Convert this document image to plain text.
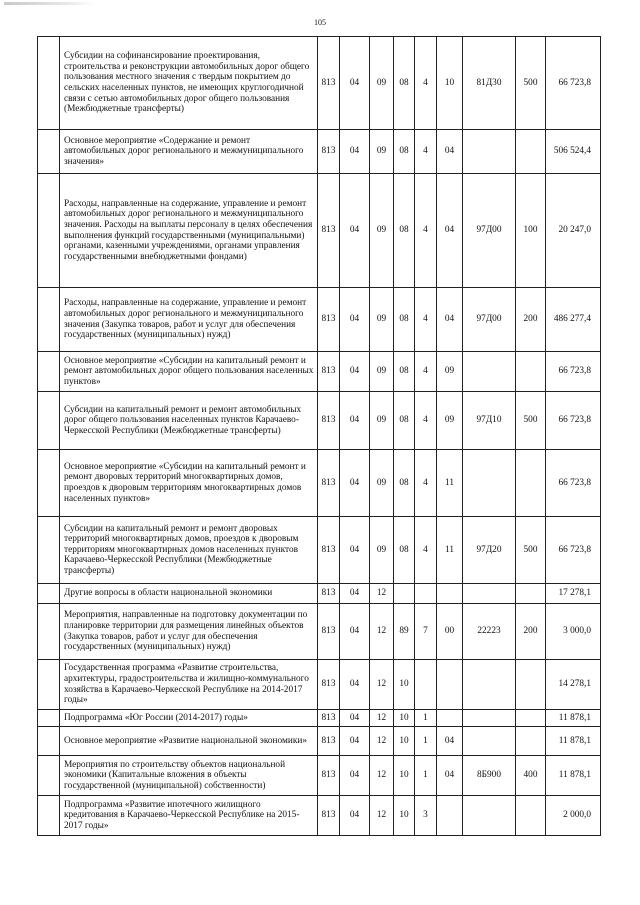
105
	Субсидии на софинансирование проектирования, строительства и реконструкции автомобильных дорог общего пользования местного значения с твердым покрытием до сельских населенных пунктов, не имеющих круглогодичной связи с сетью автомобильных дорог общего пользования (Межбюджетные трансферты)	813	04	09	08	4	10	81Д30	500	66 723,8
	Основное мероприятие «Содержание и ремонт автомобильных дорог регионального и межмуниципального значения»	813	04	09	08	4	04			506 524,4
	Расходы, направленные на содержание, управление и ремонт автомобильных дорог регионального и межмуниципального значения. Расходы на выплаты персоналу в целях обеспечения выполнения функций государственными (муниципальными) органами, казенными учреждениями, органами управления государственными внебюджетными фондами)	813	04	09	08	4	04	97Д00	100	20 247,0
	Расходы, направленные на содержание, управление и ремонт автомобильных дорог регионального и межмуниципального значения (Закупка товаров, работ и услуг для обеспечения государственных (муниципальных) нужд)	813	04	09	08	4	04	97Д00	200	486 277,4
	Основное мероприятие «Субсидии на капитальный ремонт и ремонт автомобильных дорог общего пользования населенных пунктов»	813	04	09	08	4	09			66 723,8
	Субсидии на капитальный ремонт и ремонт автомобильных дорог общего пользования населенных пунктов Карачаево-Черкесской Республики (Межбюджетные трансферты)	813	04	09	08	4	09	97Д10	500	66 723,8
	Основное мероприятие «Субсидии на капитальный ремонт и ремонт дворовых территорий многоквартирных домов, проездов к дворовым территориям многоквартирных домов населенных пунктов»	813	04	09	08	4	11			66 723,8
	Субсидии на капитальный ремонт и ремонт дворовых территорий многоквартирных домов, проездов к дворовым территориям многоквартирных домов населенных пунктов Карачаево-Черкесской Республики (Межбюджетные трансферты)	813	04	09	08	4	11	97Д20	500	66 723,8
	Другие вопросы в области национальной экономики	813	04	12						17 278,1
	Мероприятия, направленные на подготовку документации по планировке территории для размещения линейных объектов (Закупка товаров, работ и услуг для обеспечения государственных (муниципальных) нужд)	813	04	12	89	7	00	22223	200	3 000,0
	Государственная программа «Развитие строительства, архитектуры, градостроительства и жилищно-коммунального хозяйства в Карачаево-Черкесской Республике на 2014-2017 годы»	813	04	12	10					14 278,1
	Подпрограмма «Юг России (2014-2017) годы»	813	04	12	10	1				11 878,1
	Основное мероприятие «Развитие национальной экономики»	813	04	12	10	1	04			11 878,1
	Мероприятия по строительству объектов национальной экономики (Капитальные вложения в объекты государственной (муниципальной) собственности)	813	04	12	10	1	04	8Б900	400	11 878,1
	Подпрограмма «Развитие ипотечного жилищного кредитования в Карачаево-Черкесской Республике на 2015-2017 годы»	813	04	12	10	3				2 000,0
